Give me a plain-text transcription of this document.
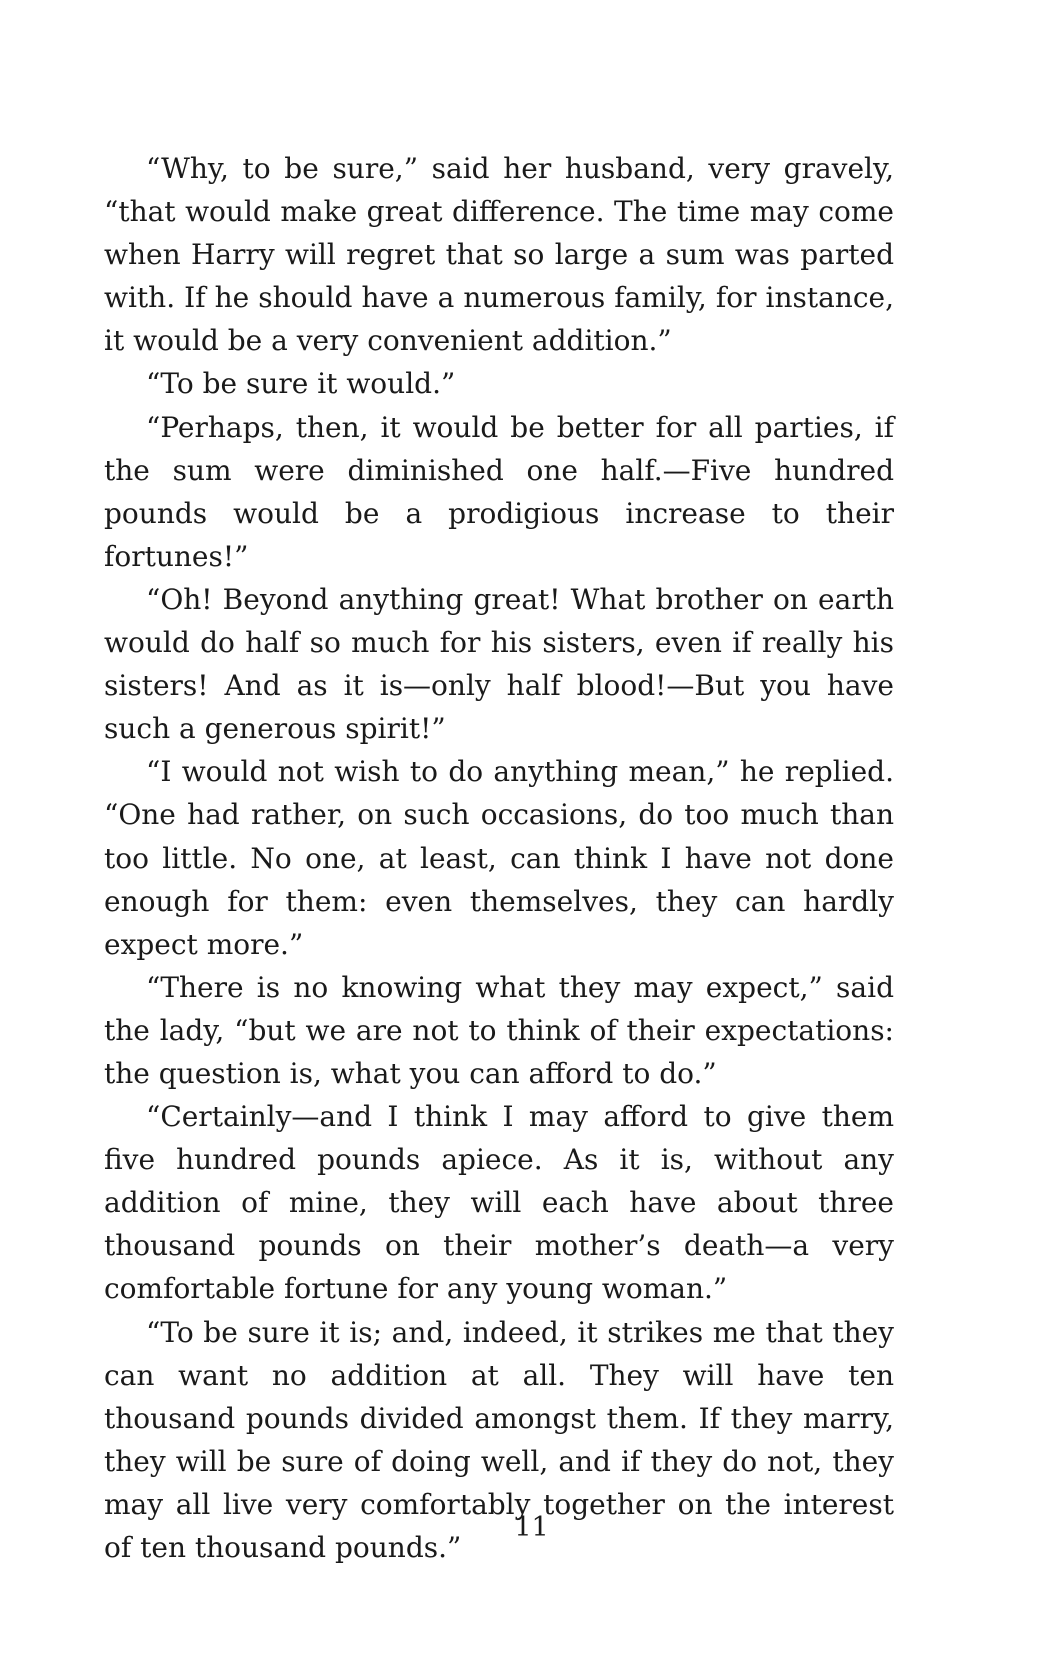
“Why, to be sure,” said her husband, very gravely, “that would make great difference. The time may come when Harry will regret that so large a sum was parted with. If he should have a numerous family, for instance, it would be a very convenient addition.”

“To be sure it would.”

“Perhaps, then, it would be better for all parties, if the sum were diminished one half.—Five hundred pounds would be a prodigious increase to their fortunes!”

“Oh! Beyond anything great! What brother on earth would do half so much for his sisters, even if really his sisters! And as it is—only half blood!—But you have such a generous spirit!”

“I would not wish to do anything mean,” he replied. “One had rather, on such occasions, do too much than too little. No one, at least, can think I have not done enough for them: even themselves, they can hardly expect more.”

“There is no knowing what they may expect,” said the lady, “but we are not to think of their expectations: the question is, what you can afford to do.”

“Certainly—and I think I may afford to give them five hundred pounds apiece. As it is, without any addition of mine, they will each have about three thousand pounds on their mother’s death—a very comfortable fortune for any young woman.”

“To be sure it is; and, indeed, it strikes me that they can want no addition at all. They will have ten thousand pounds divided amongst them. If they marry, they will be sure of doing well, and if they do not, they may all live very comfortably together on the interest of ten thousand pounds.”

11
